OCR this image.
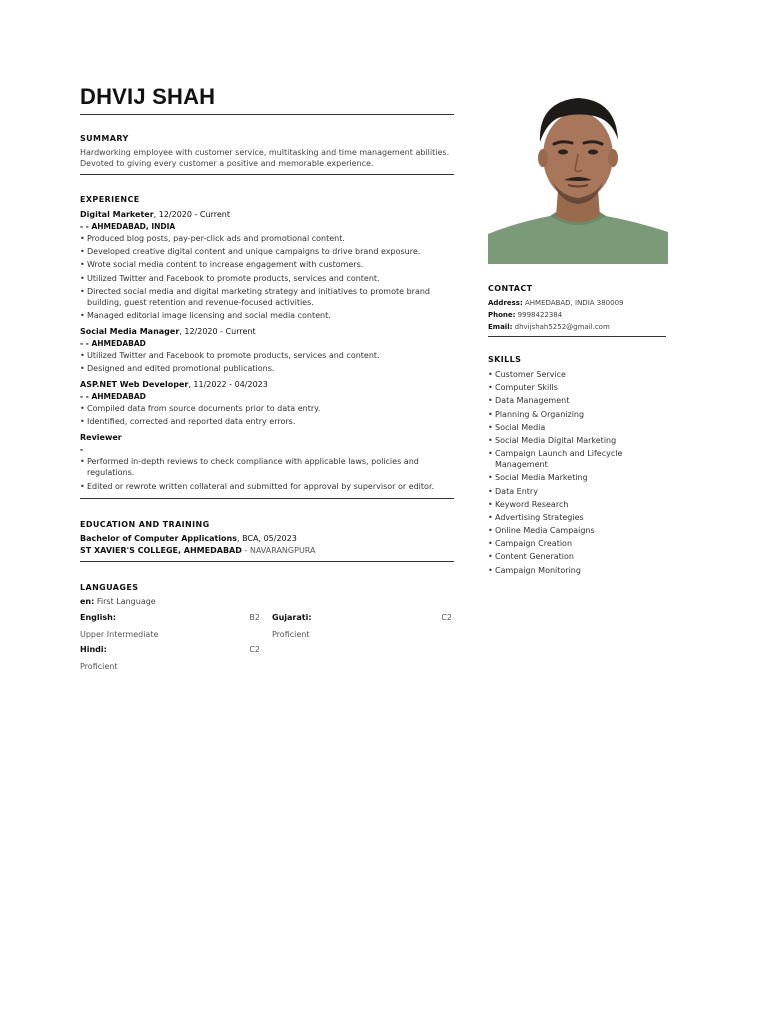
DHVIJ SHAH

SUMMARY

Hardworking employee with customer service, multitasking and time management abilities. Devoted to giving every customer a positive and memorable experience.

EXPERIENCE

Digital Marketer, 12/2020 - Current

- - AHMEDABAD, INDIA

• Produced blog posts, pay-per-click ads and promotional content.
• Developed creative digital content and unique campaigns to drive brand exposure.
• Wrote social media content to increase engagement with customers.
• Utilized Twitter and Facebook to promote products, services and content.
• Directed social media and digital marketing strategy and initiatives to promote brand building, guest retention and revenue-focused activities.
• Managed editorial image licensing and social media content.

Social Media Manager, 12/2020 - Current

- - AHMEDABAD

• Utilized Twitter and Facebook to promote products, services and content.
• Designed and edited promotional publications.

ASP.NET Web Developer, 11/2022 - 04/2023

- - AHMEDABAD

• Compiled data from source documents prior to data entry.
• Identified, corrected and reported data entry errors.

Reviewer

-

• Performed in-depth reviews to check compliance with applicable laws, policies and regulations.
• Edited or rewrote written collateral and submitted for approval by supervisor or editor.

EDUCATION AND TRAINING

Bachelor of Computer Applications, BCA, 05/2023

ST XAVIER'S COLLEGE, AHMEDABAD - NAVARANGPURA

LANGUAGES

en: First Language

English:	B2

Upper Intermediate

Gujarati:	C2

Proficient

Hindi:	C2

Proficient

CONTACT

Address: AHMEDABAD, INDIA 380009

Phone: 9998422384

Email: dhvijshah5252@gmail.com

SKILLS

• Customer Service
• Computer Skills
• Data Management
• Planning & Organizing
• Social Media
• Social Media Digital Marketing
• Campaign Launch and Lifecycle Management
• Social Media Marketing
• Data Entry
• Keyword Research
• Advertising Strategies
• Online Media Campaigns
• Campaign Creation
• Content Generation
• Campaign Monitoring
